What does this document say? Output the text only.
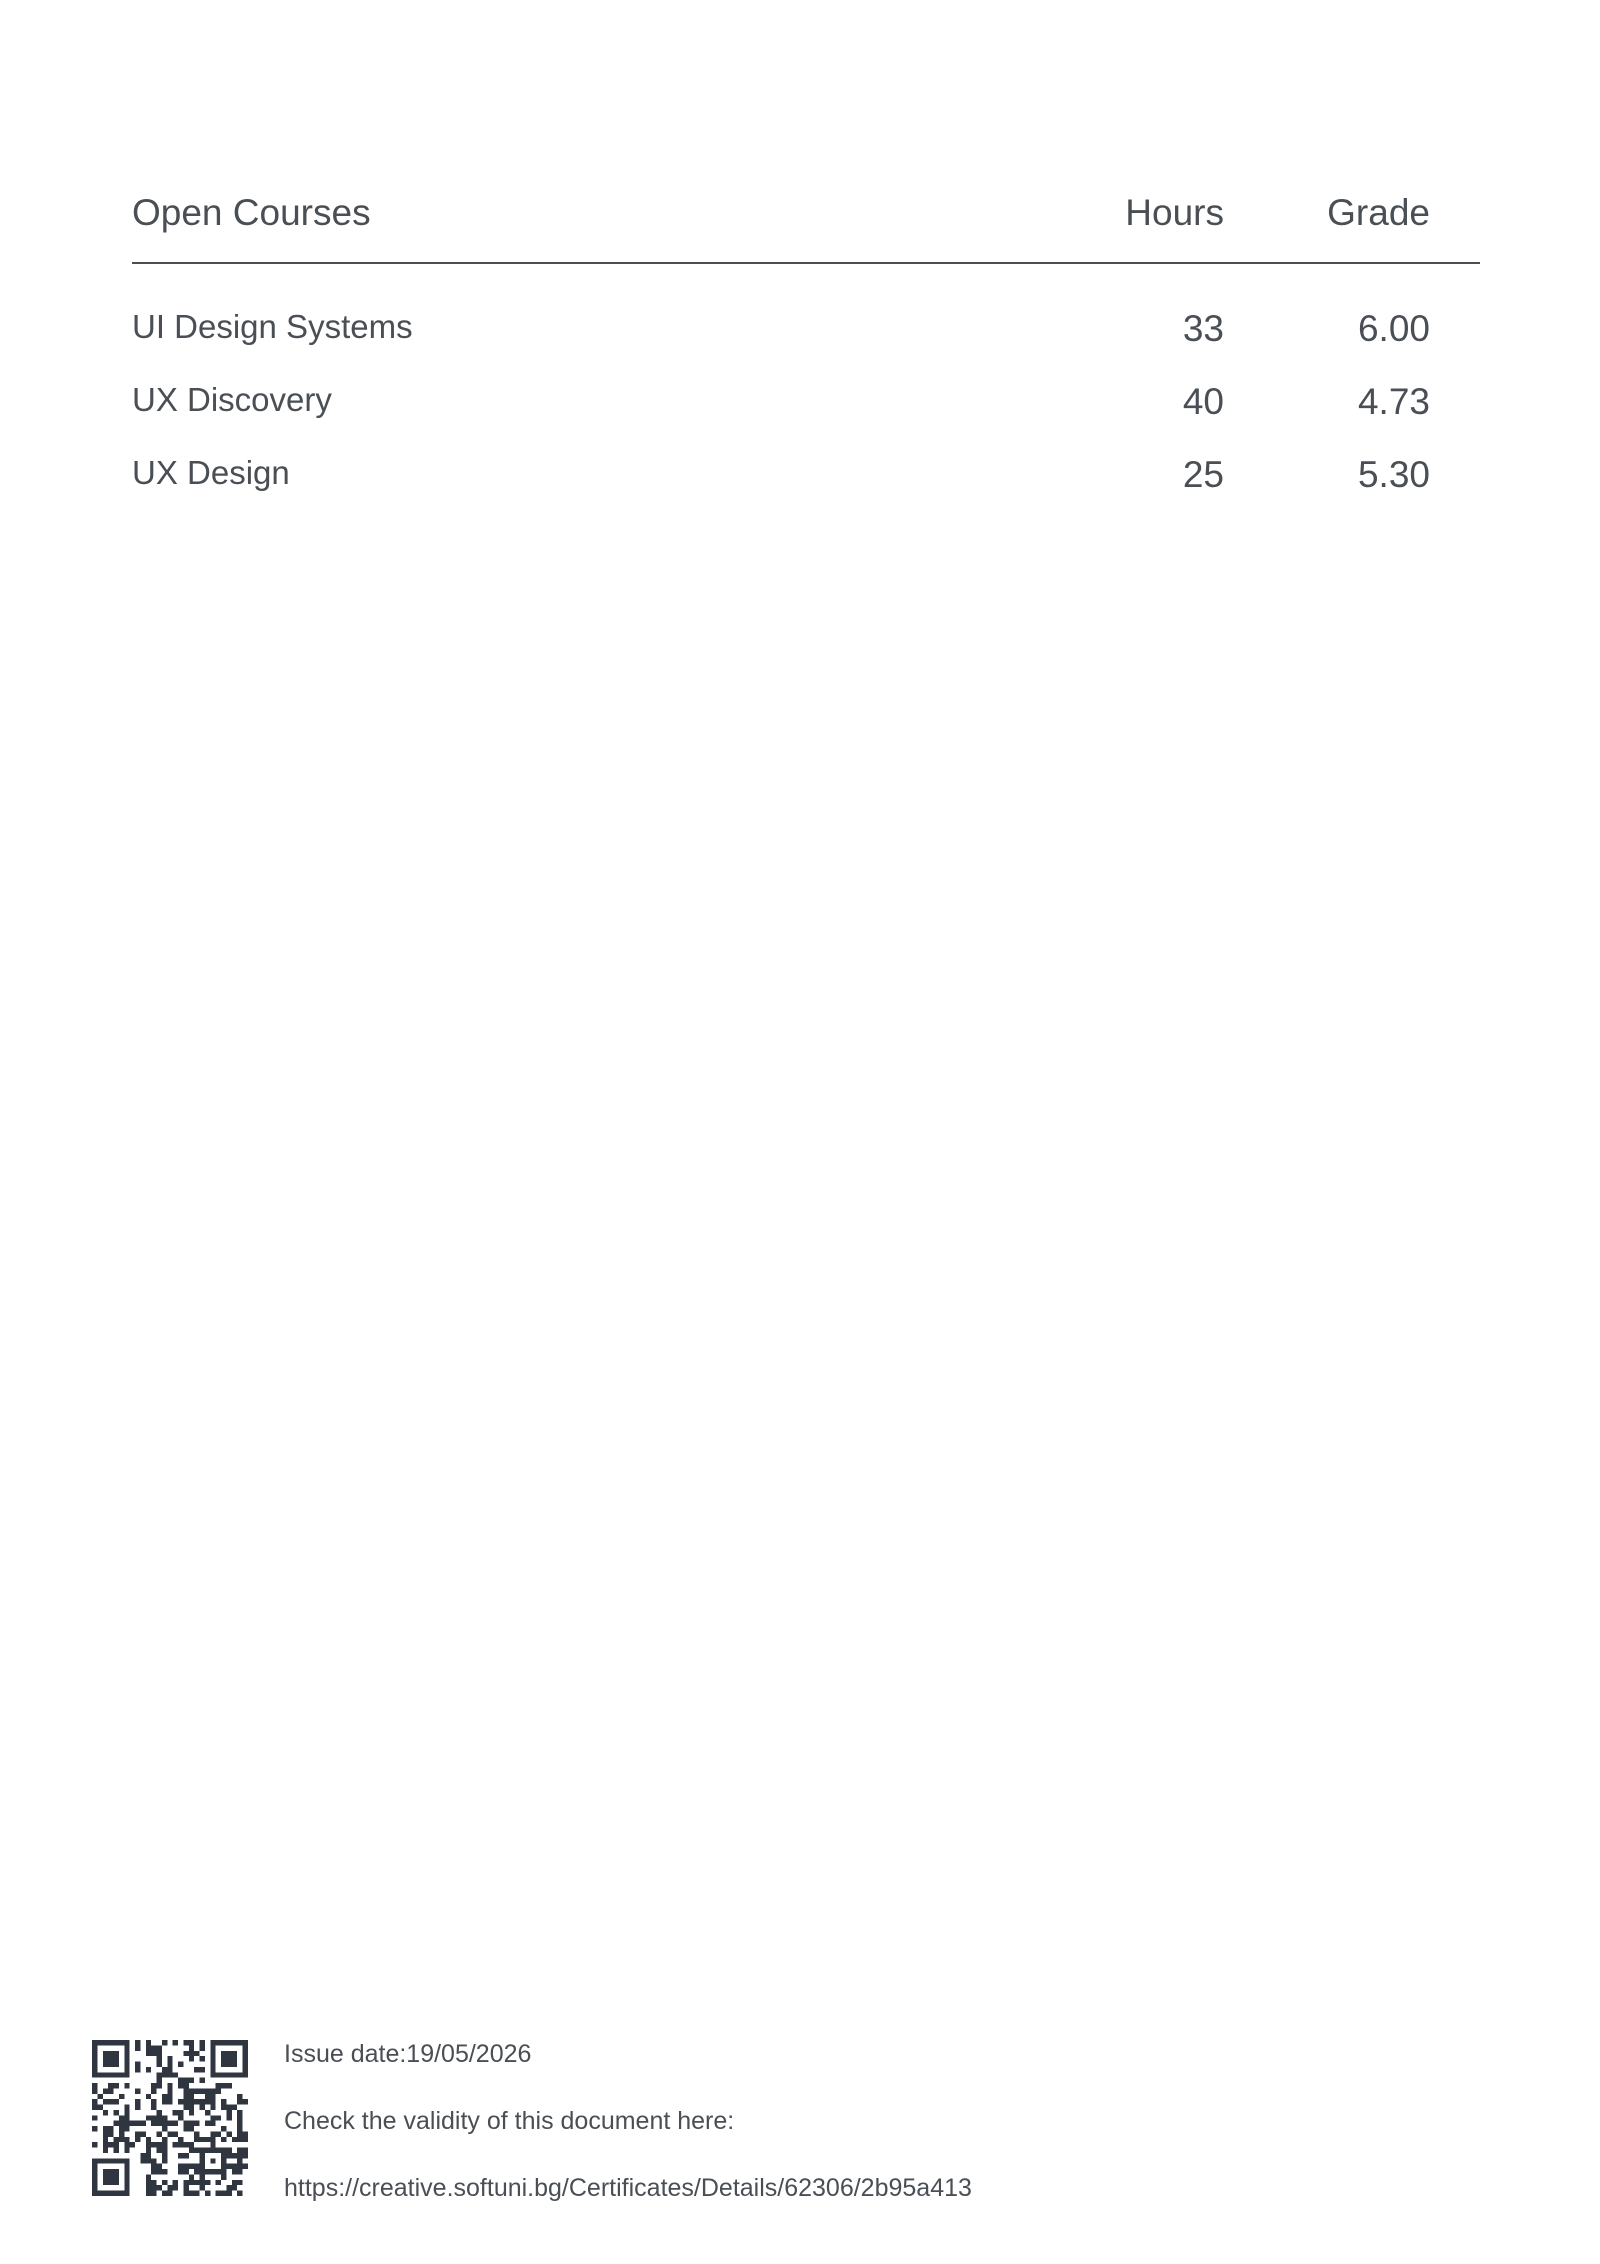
Open Courses	Hours	Grade
UI Design Systems	33	6.00
UX Discovery	40	4.73
UX Design	25	5.30
Issue date:19/05/2026
Check the validity of this document here:
https://creative.softuni.bg/Certificates/Details/62306/2b95a413
